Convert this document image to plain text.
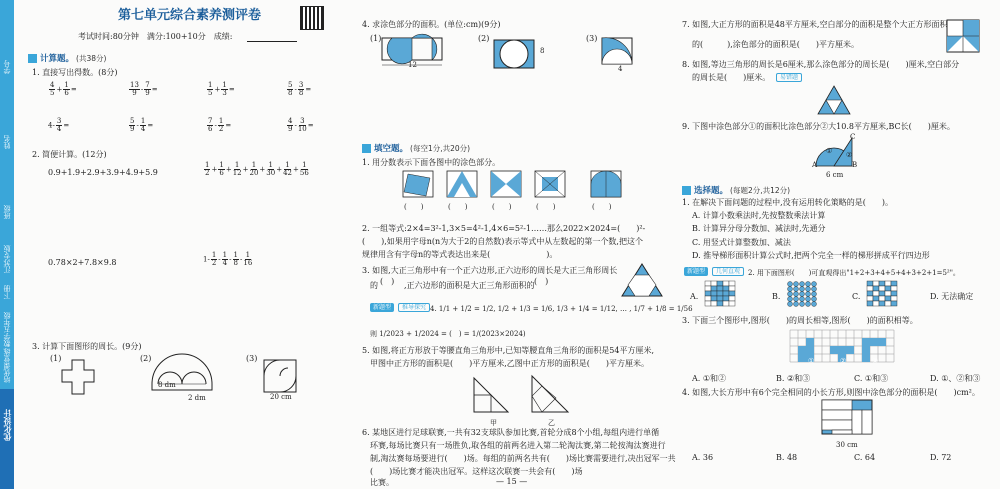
学号
姓名
班级
江苏专版
下册
数学五年级
培优课堂练
优化设计
第七单元综合素养测评卷
考试时间:80分钟　满分:100+10分　成绩:
计算题。 (共38分)
1. 直接写出得数。(8分)
$\frac{4}{5} + \frac{1}{6}$ =	$\frac{13}{9} - \frac{7}{9}$ =	$\frac{1}{5} + \frac{1}{3}$ =	$\frac{5}{8} - \frac{3}{8}$ =
$4- \frac{3}{4}$ =	$\frac{5}{9} - \frac{1}{4}$ =	$\frac{7}{6} - \frac{1}{2}$ =	$\frac{4}{9} - \frac{3}{10}$ =
2. 简便计算。(12分)
0.9+1.9+2.9+3.9+4.9+5.9	$\frac{1}{2} + \frac{1}{6} + \frac{1}{12} + \frac{1}{20} + \frac{1}{30} + \frac{1}{42} + \frac{1}{56}$
0.78×2+7.8×9.8	$1- \frac{1}{2} - \frac{1}{4} - \frac{1}{8} - \frac{1}{16}$
3. 计算下面图形的周长。(9分)
(1)	(2)	(3)
8 dm
2 dm	20 cm
4. 求涂色部分的面积。(单位:cm)(9分)
(1)	(2)	(3)
12
8
4
填空题。 (每空1分,共20分)
1. 用分数表示下面各图中的涂色部分。
(　　)	(　　)	(　　)	(　　)	(　　)
2. 一组等式:2×4=3²-1,3×5=4²-1,4×6=5²-1……那么2022×2024=(　　)²-
(　　),如果用字母n(n为大于2的自然数)表示等式中从左数起的第一个数,把这个
规律用含有字母n的等式表达出来是(　　　　　　　)。
3. 如图,大正三角形中有一个正六边形,正六边形的周长是大正三角形周长
的 (　) ,正六边形的面积是大正三角形面积的 (　)
新题型	推导探究 4. 1/1 + 1/2 = 1/2, 1/2 + 1/3 = 1/6, 1/3 + 1/4 = 1/12, … , 1/7 + 1/8 = 1/56
则 1/2023 + 1/2024 = (　) = 1/(2023×2024)
5. 如图,将正方形放于等腰直角三角形中,已知等腰直角三角形的面积是54平方厘米,
甲图中正方形的面积是(　　)平方厘米,乙图中正方形的面积是(　　)平方厘米。
甲	乙
6. 某地区进行足球联赛,一共有32支球队参加比赛,首轮分成8个小组,每组内进行单循
环赛,每场比赛只有一场胜负,取各组的前两名进入第二轮淘汰赛,第二轮按淘汰赛进行
制,淘汰赛每场要进行(　　)场。每组的前两名共有(　　)场比赛需要进行,决出冠军一共
(　　)场比赛才能决出冠军。这样这次联赛一共会有(　　)场
比赛。	— 15 —
7. 如图,大正方形的面积是48平方厘米,空白部分的面积是整个大正方形面积
的(　　　),涂色部分的面积是(　　)平方厘米。
8. 如图,等边三角形的周长是6厘米,那么涂色部分的周长是(　　)厘米,空白部分
的周长是(　　)厘米。	易错题
9. 下图中涂色部分①的面积比涂色部分②大10.8平方厘米,BC长(　　)厘米。
C
B
A
① ②
6 cm
选择题。 (每题2分,共12分)
1. 在解决下面问题的过程中,没有运用转化策略的是(　　)。
A. 计算小数乘法时,先按整数乘法计算
B. 计算异分母分数加、减法时,先通分
C. 用竖式计算整数加、减法
D. 推导梯形面积计算公式时,把两个完全一样的梯形拼成平行四边形
新题型	几何直观	2. 用下面图形(　　)可直观得出"1+2+3+4+5+4+3+2+1=5²"。
A.	B.	C.	D. 无法确定
3. 下面三个图形中,图形(　　)的周长相等,图形(　　)的面积相等。
①	②	③
A. ①和②	B. ②和③	C. ①和③	D. ①、②和③
4. 如图,大长方形中有6个完全相同的小长方形,则图中涂色部分的面积是(　　)cm²。
30 cm
A. 36	B. 48	C. 64	D. 72
